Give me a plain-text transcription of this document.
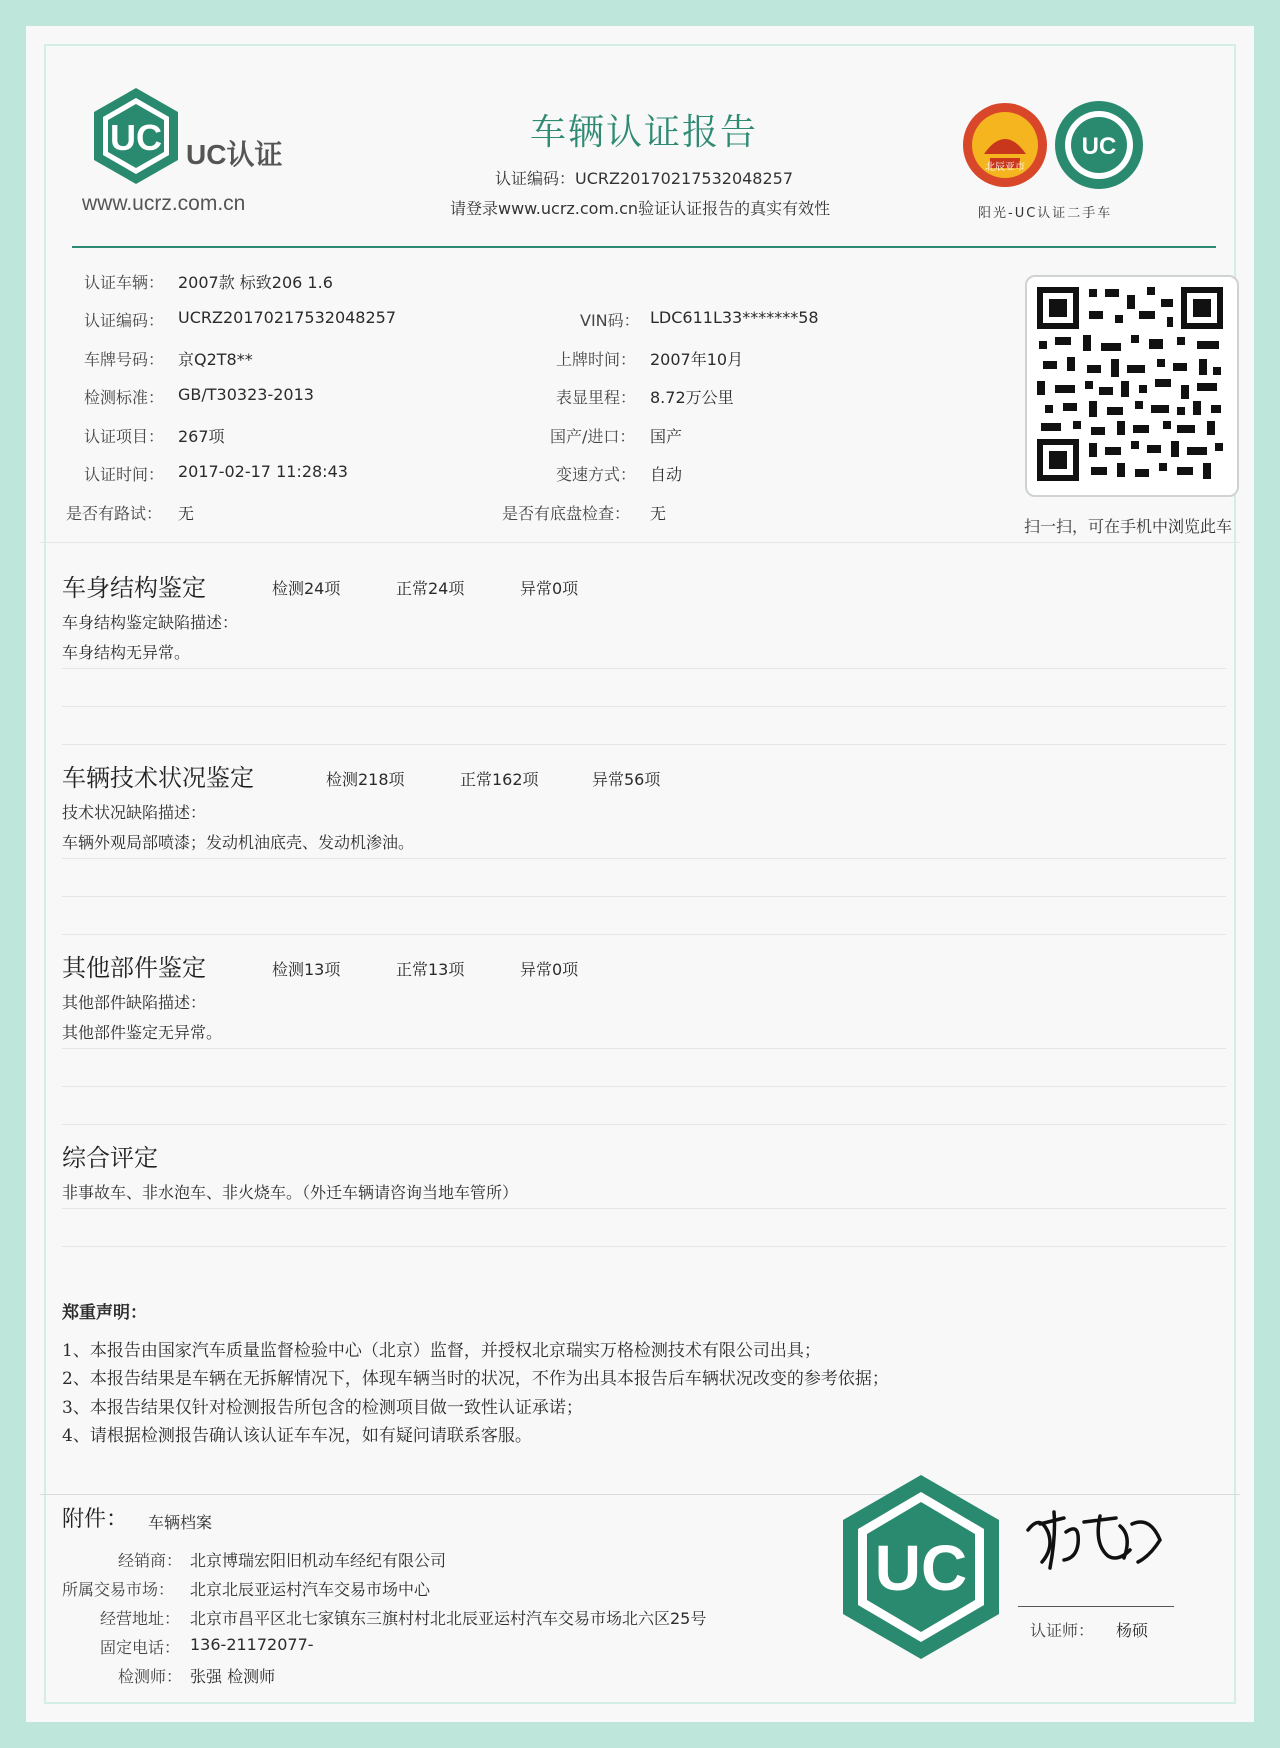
UC UC认证
www.ucrz.com.cn
车辆认证报告
认证编码：UCRZ20170217532048257
请登录www.ucrz.com.cn验证认证报告的真实有效性
北辰亚市
UC
阳光-UC认证二手车
认证车辆： 2007款 标致206 1.6
认证编码： UCRZ20170217532048257	VIN码： LDC611L33*******58
车牌号码： 京Q2T8**	上牌时间： 2007年10月
检测标准： GB/T30323-2013	表显里程： 8.72万公里
认证项目： 267项	国产/进口： 国产
认证时间： 2017-02-17 11:28:43	变速方式： 自动
是否有路试： 无	是否有底盘检查： 无
扫一扫，可在手机中浏览此车
车身结构鉴定	检测24项	正常24项	异常0项
车身结构鉴定缺陷描述：
车身结构无异常。
车辆技术状况鉴定	检测218项	正常162项	异常56项
技术状况缺陷描述：
车辆外观局部喷漆；发动机油底壳、发动机渗油。
其他部件鉴定	检测13项	正常13项	异常0项
其他部件缺陷描述：
其他部件鉴定无异常。
综合评定
非事故车、非水泡车、非火烧车。（外迁车辆请咨询当地车管所）
郑重声明：
1、本报告由国家汽车质量监督检验中心（北京）监督，并授权北京瑞实万格检测技术有限公司出具；
2、本报告结果是车辆在无拆解情况下，体现车辆当时的状况，不作为出具本报告后车辆状况改变的参考依据；
3、本报告结果仅针对检测报告所包含的检测项目做一致性认证承诺；
4、请根据检测报告确认该认证车车况，如有疑问请联系客服。
附件： 车辆档案
经销商： 北京博瑞宏阳旧机动车经纪有限公司
所属交易市场： 北京北辰亚运村汽车交易市场中心
经营地址： 北京市昌平区北七家镇东三旗村村北北辰亚运村汽车交易市场北六区25号
固定电话： 136-21172077-
检测师： 张强 检测师
UC
认证师： 杨硕
